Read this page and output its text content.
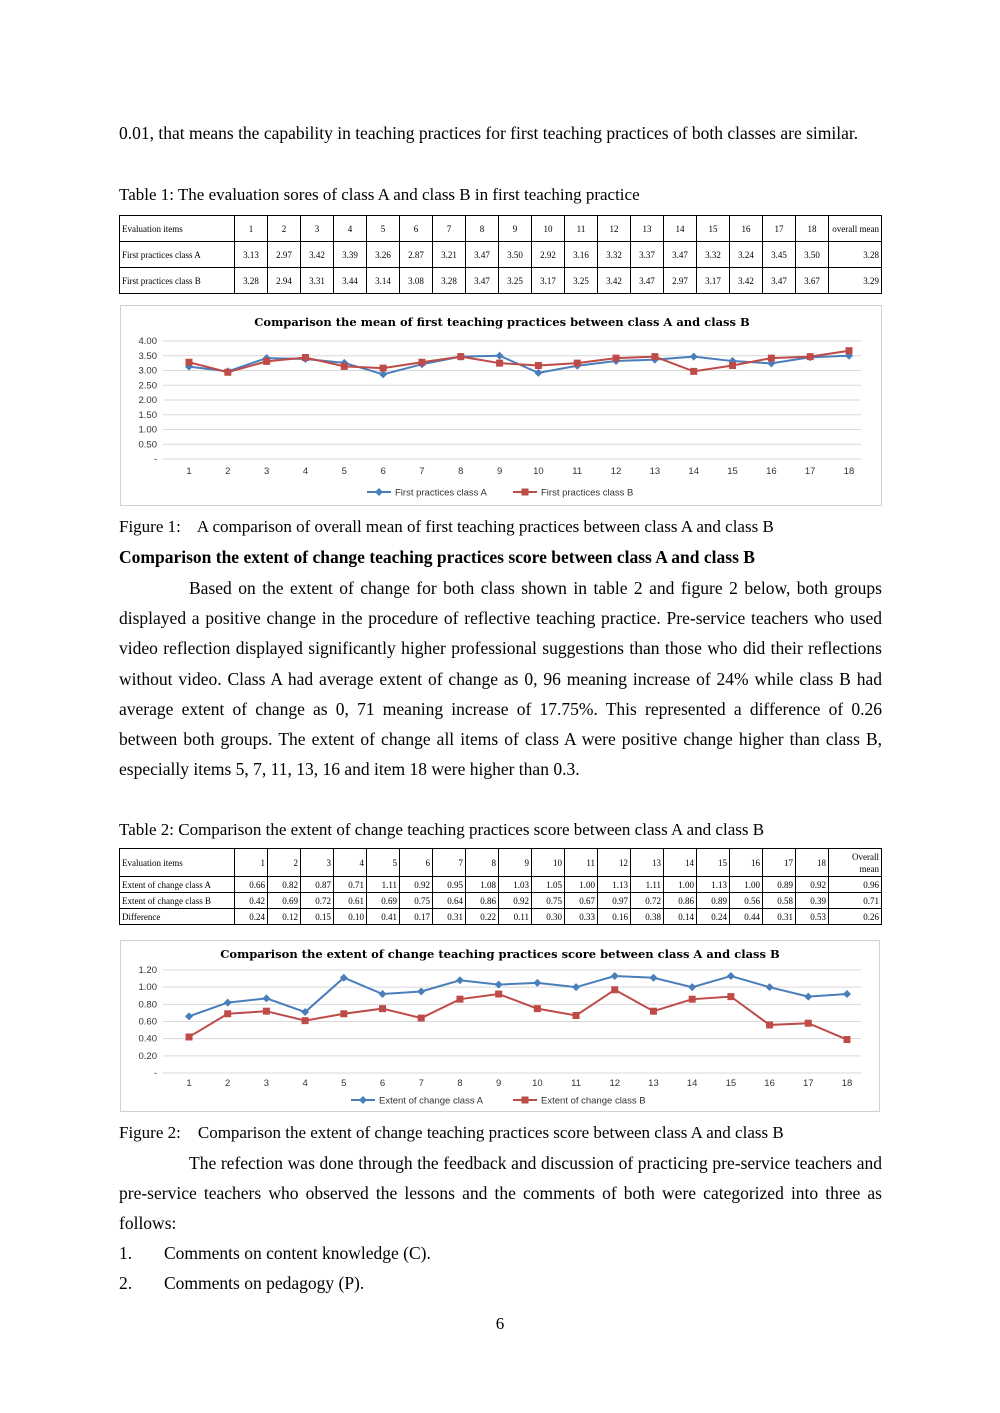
0.01, that means the capability in teaching practices for first teaching practices of both classes are similar.

Table 1: The evaluation sores of class A and class B in first teaching practice
Evaluation items	1	2	3	4	5	6	7	8	9	10	11	12	13	14	15	16	17	18	overall mean
First practices class A	3.13	2.97	3.42	3.39	3.26	2.87	3.21	3.47	3.50	2.92	3.16	3.32	3.37	3.47	3.32	3.24	3.45	3.50	3.28
First practices class B	3.28	2.94	3.31	3.44	3.14	3.08	3.28	3.47	3.25	3.17	3.25	3.42	3.47	2.97	3.17	3.42	3.47	3.67	3.29
Comparison the mean of first teaching practices between class A and class B
-
0.50
1.00
1.50
2.00
2.50
3.00
3.50
4.00
1	2	3	4	5	6	7	8	9	10	11	12	13	14	15	16	17	18
First practices class A	First practices class B
Figure 1:    A comparison of overall mean of first teaching practices between class A and class B
Comparison the extent of change teaching practices score between class A and class B

Based on the extent of change for both class shown in table 2 and figure 2 below, both groups displayed a positive change in the procedure of reflective teaching practice. Pre-service teachers who used video reflection displayed significantly higher professional suggestions than those who did their reflections without video. Class A had average extent of change as 0, 96 meaning increase of 24% while class B had average extent of change as 0, 71 meaning increase of 17.75%. This represented a difference of 0.26 between both groups. The extent of change all items of class A were positive change higher than class B, especially items 5, 7, 11, 13, 16 and item 18 were higher than 0.3.

Table 2: Comparison the extent of change teaching practices score between class A and class B
Evaluation items	1	2	3	4	5	6	7	8	9	10	11	12	13	14	15	16	17	18	Overall mean
Extent of change class A	0.66	0.82	0.87	0.71	1.11	0.92	0.95	1.08	1.03	1.05	1.00	1.13	1.11	1.00	1.13	1.00	0.89	0.92	0.96
Extent of change class B	0.42	0.69	0.72	0.61	0.69	0.75	0.64	0.86	0.92	0.75	0.67	0.97	0.72	0.86	0.89	0.56	0.58	0.39	0.71
Difference	0.24	0.12	0.15	0.10	0.41	0.17	0.31	0.22	0.11	0.30	0.33	0.16	0.38	0.14	0.24	0.44	0.31	0.53	0.26
Comparison the extent of change teaching practices score between class A and class B
-
0.20
0.40
0.60
0.80
1.00
1.20
1	2	3	4	5	6	7	8	9	10	11	12	13	14	15	16	17	18
Extent of change class A	Extent of change class B
Figure 2:    Comparison the extent of change teaching practices score between class A and class B

The refection was done through the feedback and discussion of practicing pre-service teachers and pre-service teachers who observed the lessons and the comments of both were categorized into three as follows:

1. Comments on content knowledge (C).
2. Comments on pedagogy (P).
6
